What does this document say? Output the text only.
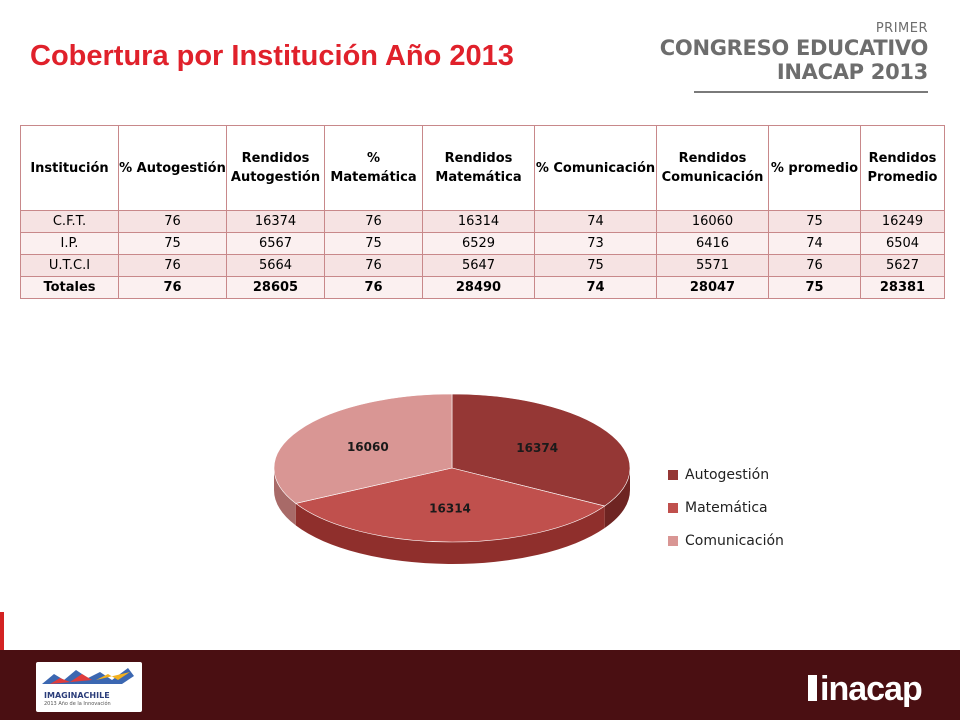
Cobertura por Institución Año 2013
PRIMER
CONGRESO EDUCATIVO
INACAP 2013
Institución	% Autogestión	Rendidos Autogestión	% Matemática	Rendidos Matemática	% Comunicación	Rendidos Comunicación	% promedio	Rendidos Promedio
C.F.T.	76	16374	76	16314	74	16060	75	16249
I.P.	75	6567	75	6529	73	6416	74	6504
U.T.C.I	76	5664	76	5647	75	5571	76	5627
Totales	76	28605	76	28490	74	28047	75	28381
16374
16314
16060
Autogestión
Matemática
Comunicación
IMAGINACHILE
2013 Año de la Innovación	inacap
